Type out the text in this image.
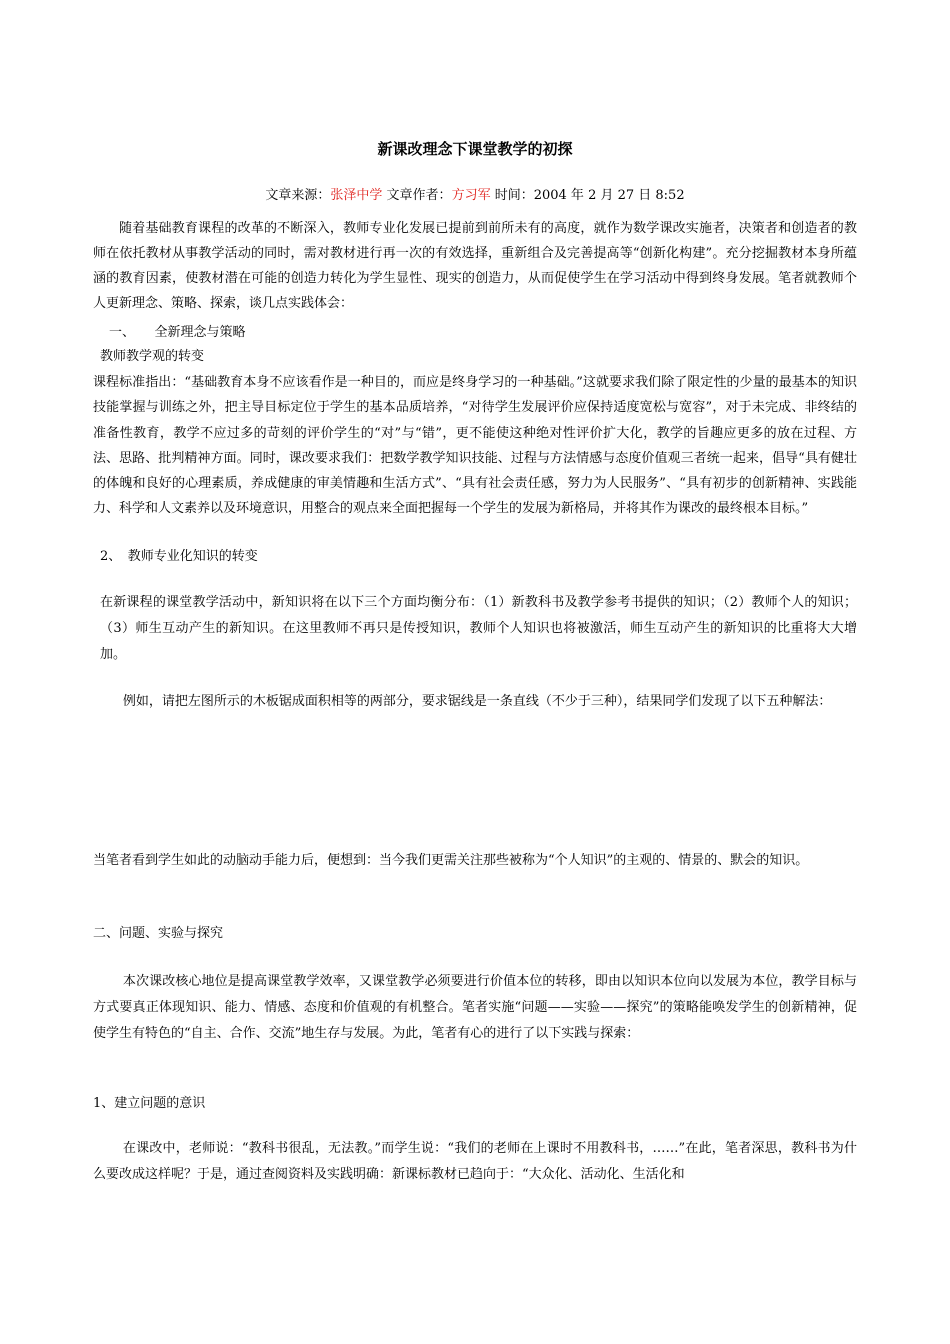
新课改理念下课堂教学的初探
文章来源：张泽中学 文章作者：方习军 时间：2004 年 2 月 27 日 8:52
随着基础教育课程的改革的不断深入，教师专业化发展已提前到前所未有的高度，就作为数学课改实施者，决策者和创造者的教师在依托教材从事教学活动的同时，需对教材进行再一次的有效选择，重新组合及完善提高等“创新化构建”。充分挖掘教材本身所蕴涵的教育因素，使教材潜在可能的创造力转化为学生显性、现实的创造力，从而促使学生在学习活动中得到终身发展。笔者就教师个人更新理念、策略、探索，谈几点实践体会：
一、　　全新理念与策略
教师教学观的转变
课程标准指出：“基础教育本身不应该看作是一种目的，而应是终身学习的一种基础。”这就要求我们除了限定性的少量的最基本的知识技能掌握与训练之外，把主导目标定位于学生的基本品质培养，“对待学生发展评价应保持适度宽松与宽容”，对于未完成、非终结的准备性教育，教学不应过多的苛刻的评价学生的“对”与“错”，更不能使这种绝对性评价扩大化，教学的旨趣应更多的放在过程、方法、思路、批判精神方面。同时，课改要求我们：把数学教学知识技能、过程与方法情感与态度价值观三者统一起来，倡导“具有健壮的体魄和良好的心理素质，养成健康的审美情趣和生活方式”、“具有社会责任感，努力为人民服务”、“具有初步的创新精神、实践能力、科学和人文素养以及环境意识，用整合的观点来全面把握每一个学生的发展为新格局，并将其作为课改的最终根本目标。”
2、　教师专业化知识的转变
在新课程的课堂教学活动中，新知识将在以下三个方面均衡分布：（1）新教科书及教学参考书提供的知识；（2）教师个人的知识；（3）师生互动产生的新知识。在这里教师不再只是传授知识，教师个人知识也将被激活，师生互动产生的新知识的比重将大大增加。
例如，请把左图所示的木板锯成面积相等的两部分，要求锯线是一条直线（不少于三种），结果同学们发现了以下五种解法：
当笔者看到学生如此的动脑动手能力后，便想到：当今我们更需关注那些被称为“个人知识”的主观的、情景的、默会的知识。
二、问题、实验与探究
本次课改核心地位是提高课堂教学效率，又课堂教学必须要进行价值本位的转移，即由以知识本位向以发展为本位，教学目标与方式要真正体现知识、能力、情感、态度和价值观的有机整合。笔者实施“问题——实验——探究”的策略能唤发学生的创新精神，促使学生有特色的“自主、合作、交流”地生存与发展。为此，笔者有心的进行了以下实践与探索：
1、建立问题的意识
在课改中，老师说：“教科书很乱，无法教。”而学生说：“我们的老师在上课时不用教科书，……”在此，笔者深思，教科书为什么要改成这样呢？于是，通过查阅资料及实践明确：新课标教材已趋向于：“大众化、活动化、生活化和
